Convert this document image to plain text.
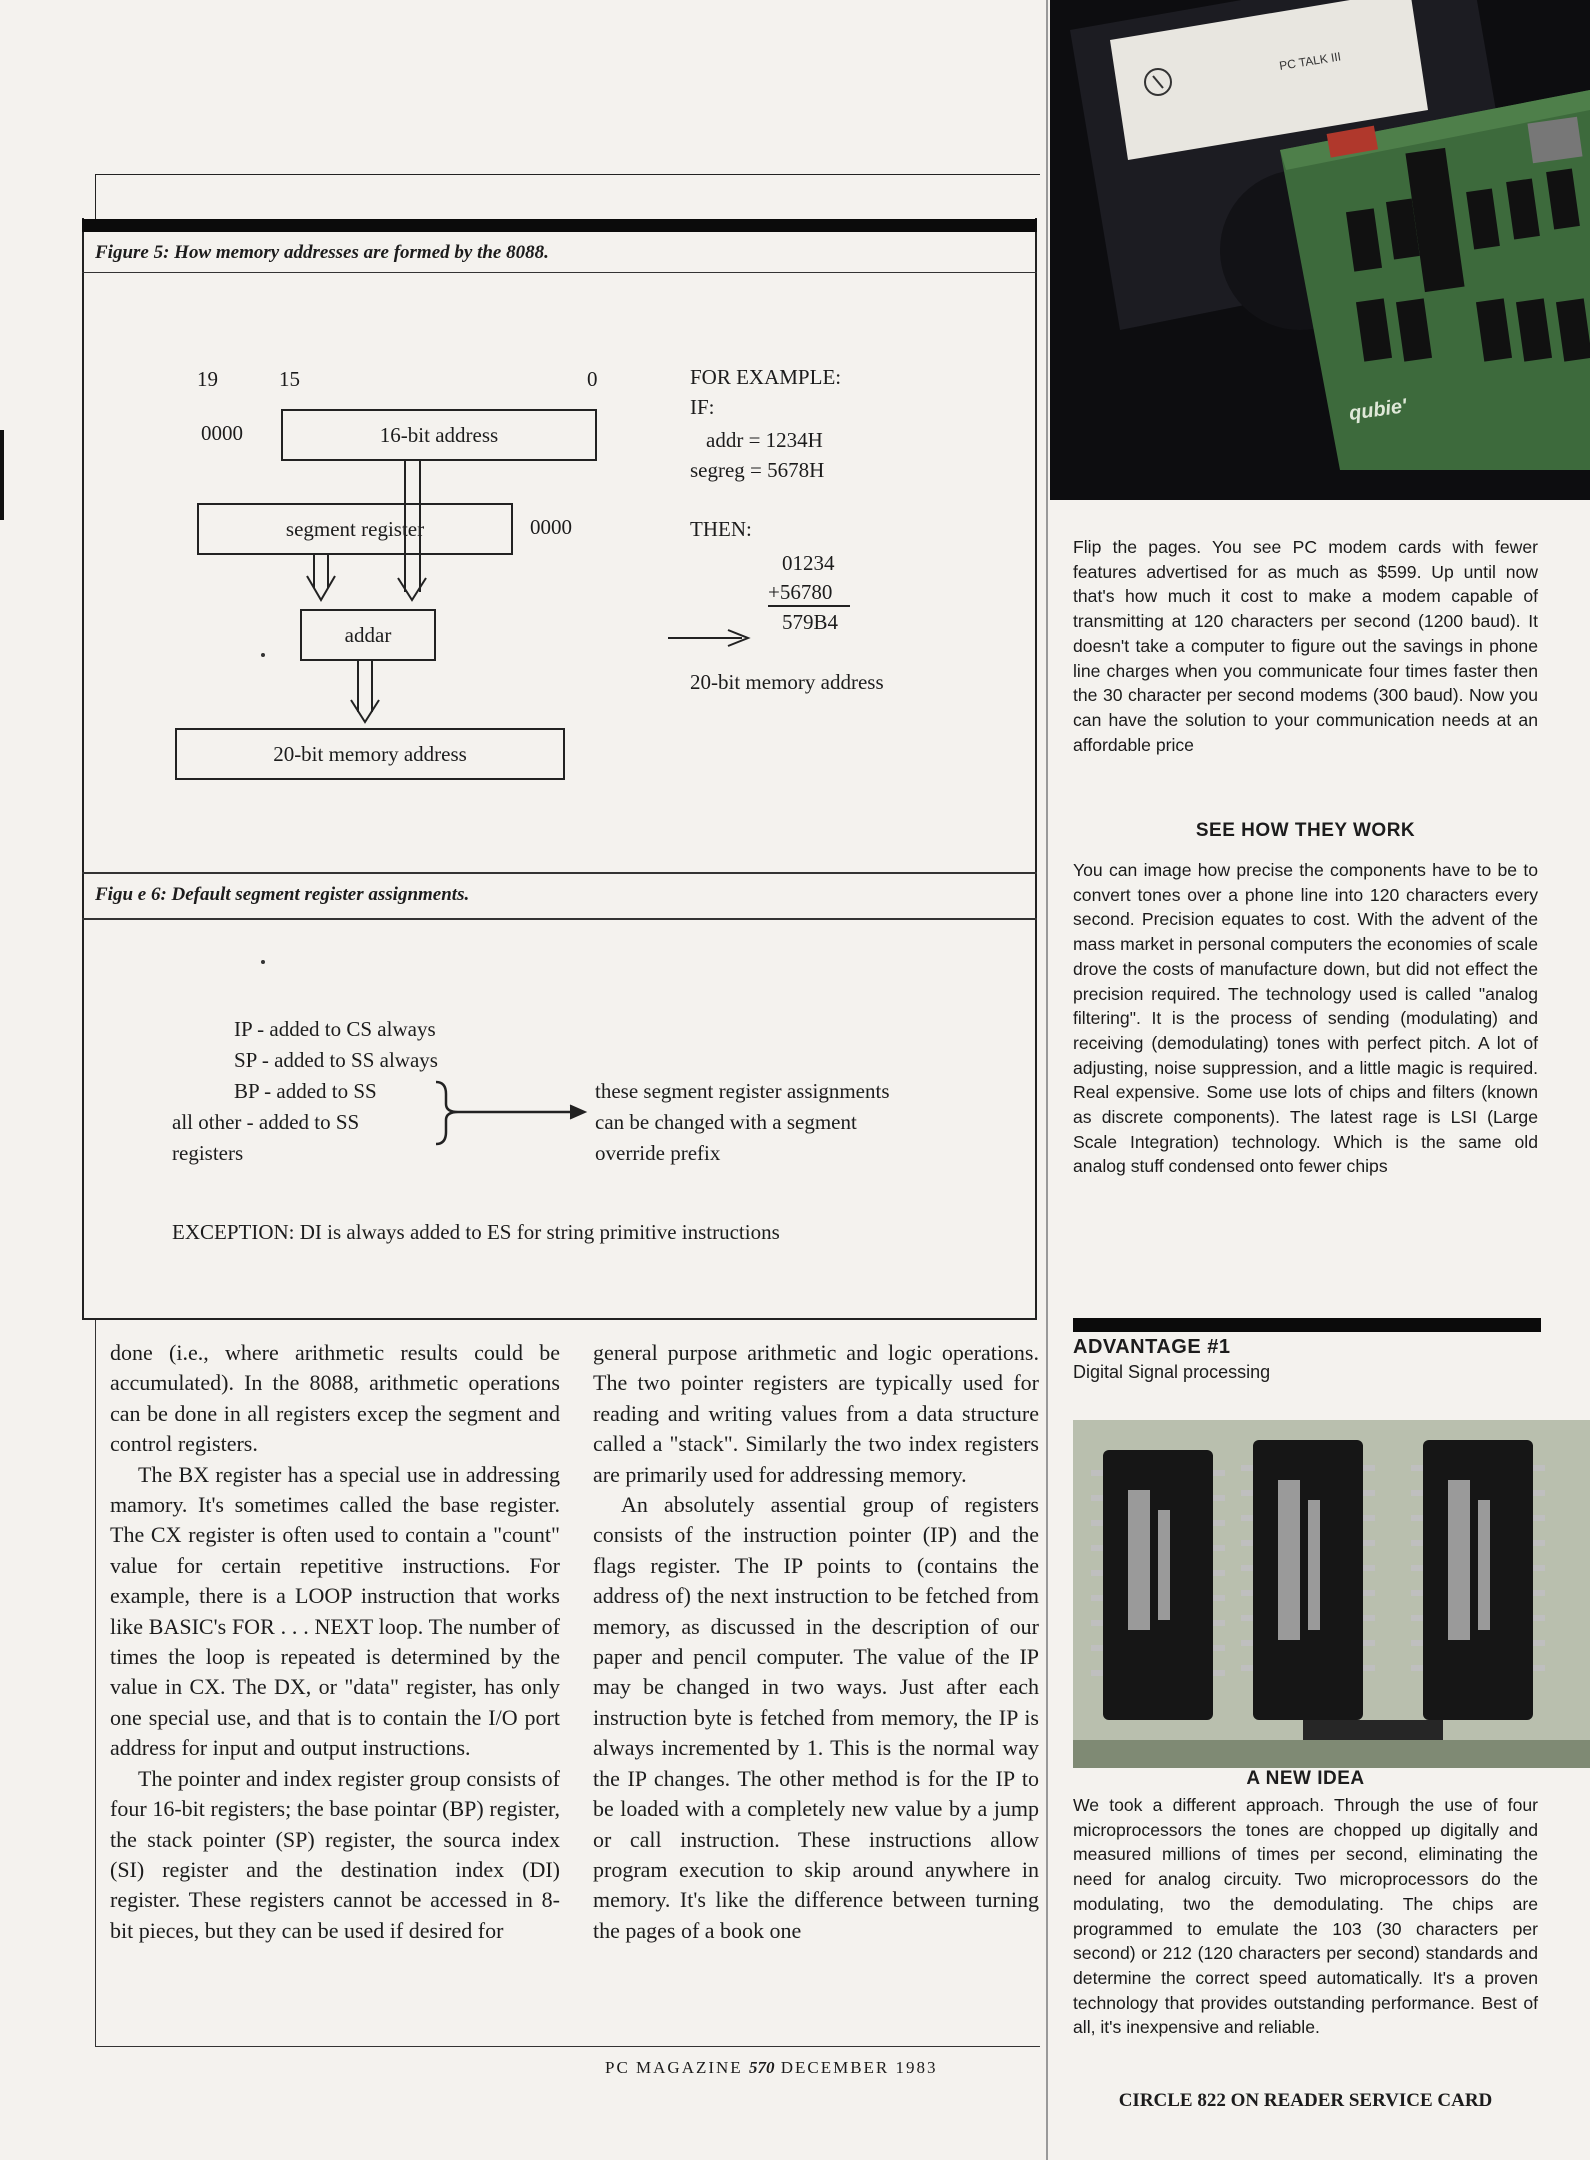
Figure 5: How memory addresses are formed by the 8088.
19	15	0
0000	16-bit address
segment register	0000
addar
20-bit memory address
FOR EXAMPLE:
IF:
addr = 1234H
segreg = 5678H
THEN:
01234
+56780
579B4
20-bit memory address
Figu e 6: Default segment register assignments.
IP - added to CS always
SP - added to SS always
BP - added to SS
all other - added to SS
registers
these segment register assignments
can be changed with a segment
override prefix
EXCEPTION: DI is always added to ES for string primitive instructions

done (i.e., where arithmetic results could be accumulated). In the 8088, arithmetic operations can be done in all registers excep the segment and control registers.

The BX register has a special use in addressing mamory. It's sometimes called the base register. The CX register is often used to contain a "count" value for certain repetitive instructions. For example, there is a LOOP instruction that works like BASIC's FOR . . . NEXT loop. The number of times the loop is repeated is determined by the value in CX. The DX, or "data" register, has only one special use, and that is to contain the I/O port address for input and output instructions.

The pointer and index register group consists of four 16-bit registers; the base pointar (BP) register, the stack pointer (SP) register, the sourca index (SI) register and the destination index (DI) register. These registers cannot be accessed in 8-bit pieces, but they can be used if desired for

general purpose arithmetic and logic operations. The two pointer registers are typically used for reading and writing values from a data structure called a "stack". Similarly the two index registers are primarily used for addressing memory.

An absolutely assential group of registers consists of the instruction pointer (IP) and the flags register. The IP points to (contains the address of) the next instruction to be fetched from memory, as discussed in the description of our paper and pencil computer. The value of the IP may be changed in two ways. Just after each instruction byte is fetched from memory, the IP is always incremented by 1. This is the normal way the IP changes. The other method is for the IP to be loaded with a completely new value by a jump or call instruction. These instructions allow program execution to skip around anywhere in memory. It's like the difference between turning the pages of a book one

PC MAGAZINE 570 DECEMBER 1983
PC TALK III
qubie'
Flip the pages. You see PC modem cards with fewer features advertised for as much as $599. Up until now that's how much it cost to make a modem capable of transmitting at 120 characters per second (1200 baud). It doesn't take a computer to figure out the savings in phone line charges when you communicate four times faster then the 30 character per second modems (300 baud). Now you can have the solution to your communication needs at an affordable price
SEE HOW THEY WORK
You can image how precise the components have to be to convert tones over a phone line into 120 characters every second. Precision equates to cost. With the advent of the mass market in personal computers the economies of scale drove the costs of manufacture down, but did not effect the precision required. The technology used is called "analog filtering". It is the process of sending (modulating) and receiving (demodulating) tones with perfect pitch. A lot of adjusting, noise suppression, and a little magic is required. Real expensive. Some use lots of chips and filters (known as discrete components). The latest rage is LSI (Large Scale Integration) technology. Which is the same old analog stuff condensed onto fewer chips
ADVANTAGE #1
Digital Signal processing
A NEW IDEA
We took a different approach. Through the use of four microprocessors the tones are chopped up digitally and measured millions of times per second, eliminating the need for analog circuity. Two microprocessors do the modulating, two the demodulating. The chips are programmed to emulate the 103 (30 characters per second) or 212 (120 characters per second) standards and determine the correct speed automatically. It's a proven technology that provides outstanding performance. Best of all, it's inexpensive and reliable.
CIRCLE 822 ON READER SERVICE CARD
